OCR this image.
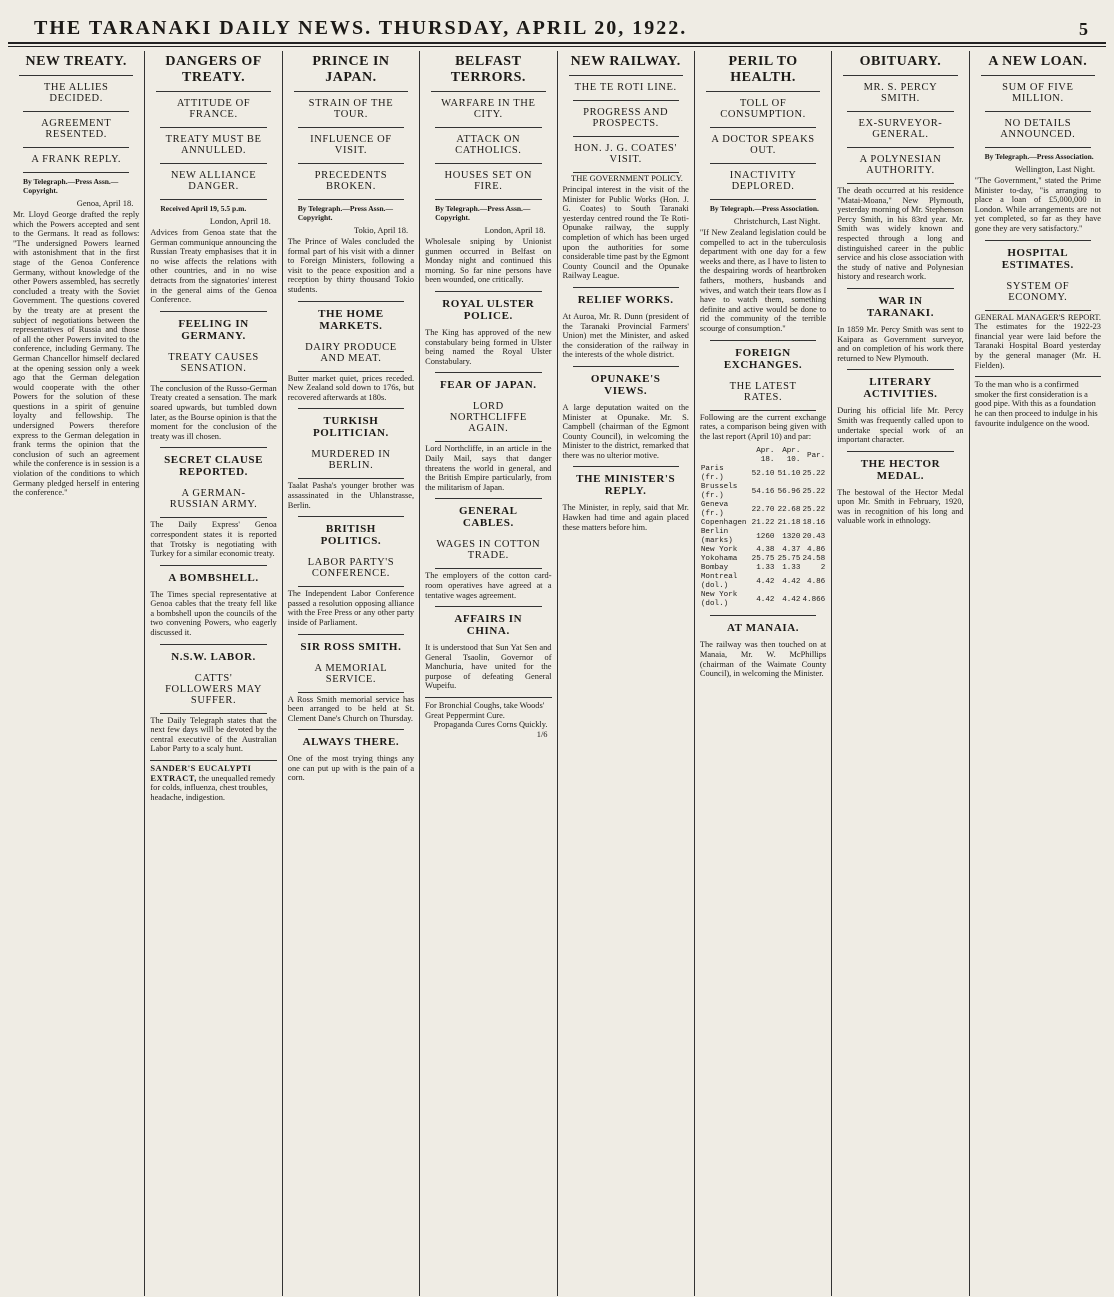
THE TARANAKI DAILY NEWS. THURSDAY, APRIL 20, 1922.	5
NEW TREATY.
THE ALLIES DECIDED.
AGREEMENT RESENTED.
A FRANK REPLY.
By Telegraph.—Press Assn.—Copyright.
Genoa, April 18.
Mr. Lloyd George drafted the reply which the Powers accepted and sent to the Germans. It read as follows: "The undersigned Powers learned with astonishment that in the first stage of the Genoa Conference Germany, without knowledge of the other Powers assembled, has secretly concluded a treaty with the Soviet Government. The questions covered by the treaty are at present the subject of negotiations between the representatives of Russia and those of all the other Powers invited to the conference, including Germany. The German Chancellor himself declared at the opening session only a week ago that the German delegation would cooperate with the other Powers for the solution of these questions in a spirit of genuine loyalty and fellowship. The undersigned Powers therefore express to the German delegation in frank terms the opinion that the conclusion of such an agreement while the conference is in session is a violation of the conditions to which Germany pledged herself in entering the conference."
DANGERS OF TREATY.
ATTITUDE OF FRANCE.
TREATY MUST BE ANNULLED.
NEW ALLIANCE DANGER.
Received April 19, 5.5 p.m.
London, April 18.
Advices from Genoa state that the German communique announcing the Russian Treaty emphasises that it in no wise affects the relations with other countries, and in no wise detracts from the signatories' interest in the general aims of the Genoa Conference.
FEELING IN GERMANY.
TREATY CAUSES SENSATION.
The conclusion of the Russo-German Treaty created a sensation. The mark soared upwards, but tumbled down later, as the Bourse opinion is that the moment for the conclusion of the treaty was ill chosen.
SECRET CLAUSE REPORTED.
A GERMAN-RUSSIAN ARMY.
The Daily Express' Genoa correspondent states it is reported that Trotsky is negotiating with Turkey for a similar economic treaty.
A BOMBSHELL.
The Times special representative at Genoa cables that the treaty fell like a bombshell upon the councils of the two convening Powers, who eagerly discussed it.
N.S.W. LABOR.
CATTS' FOLLOWERS MAY SUFFER.
The Daily Telegraph states that the next few days will be devoted by the central executive of the Australian Labor Party to a scaly hunt.
SANDER'S EUCALYPTI EXTRACT, the unequalled remedy for colds, influenza, chest troubles, headache, indigestion.
PRINCE IN JAPAN.
STRAIN OF THE TOUR.
INFLUENCE OF VISIT.
PRECEDENTS BROKEN.
By Telegraph.—Press Assn.—Copyright.
Tokio, April 18.
The Prince of Wales concluded the formal part of his visit with a dinner to Foreign Ministers, following a visit to the peace exposition and a reception by thirty thousand Tokio students.
THE HOME MARKETS.
DAIRY PRODUCE AND MEAT.
Butter market quiet, prices receded. New Zealand sold down to 176s, but recovered afterwards at 180s.
TURKISH POLITICIAN.
MURDERED IN BERLIN.
Taalat Pasha's younger brother was assassinated in the Uhlanstrasse, Berlin.
BRITISH POLITICS.
LABOR PARTY'S CONFERENCE.
The Independent Labor Conference passed a resolution opposing alliance with the Free Press or any other party inside of Parliament.
SIR ROSS SMITH.
A MEMORIAL SERVICE.
A Ross Smith memorial service has been arranged to be held at St. Clement Dane's Church on Thursday.
ALWAYS THERE.
One of the most trying things any one can put up with is the pain of a corn.
BELFAST TERRORS.
WARFARE IN THE CITY.
ATTACK ON CATHOLICS.
HOUSES SET ON FIRE.
By Telegraph.—Press Assn.—Copyright.
London, April 18.
Wholesale sniping by Unionist gunmen occurred in Belfast on Monday night and continued this morning. So far nine persons have been wounded, one critically.
ROYAL ULSTER POLICE.
The King has approved of the new constabulary being formed in Ulster being named the Royal Ulster Constabulary.
FEAR OF JAPAN.
LORD NORTHCLIFFE AGAIN.
Lord Northcliffe, in an article in the Daily Mail, says that danger threatens the world in general, and the British Empire particularly, from the militarism of Japan.
GENERAL CABLES.
WAGES IN COTTON TRADE.
The employers of the cotton card-room operatives have agreed at a tentative wages agreement.
AFFAIRS IN CHINA.
It is understood that Sun Yat Sen and General Tsaolin, Governor of Manchuria, have united for the purpose of defeating General Wupeifu.
For Bronchial Coughs, take Woods' Great Peppermint Cure.
Propaganda Cures Corns Quickly. 1/6
NEW RAILWAY.
THE TE ROTI LINE.
PROGRESS AND PROSPECTS.
HON. J. G. COATES' VISIT.
THE GOVERNMENT POLICY.
Principal interest in the visit of the Minister for Public Works (Hon. J. G. Coates) to South Taranaki yesterday centred round the Te Roti-Opunake railway, the supply completion of which has been urged upon the authorities for some considerable time past by the Egmont County Council and the Opunake Railway League.
RELIEF WORKS.
At Auroa, Mr. R. Dunn (president of the Taranaki Provincial Farmers' Union) met the Minister, and asked the consideration of the railway in the interests of the whole district.
OPUNAKE'S VIEWS.
A large deputation waited on the Minister at Opunake. Mr. S. Campbell (chairman of the Egmont County Council), in welcoming the Minister to the district, remarked that there was no ulterior motive.
THE MINISTER'S REPLY.
The Minister, in reply, said that Mr. Hawken had time and again placed these matters before him.
PERIL TO HEALTH.
TOLL OF CONSUMPTION.
A DOCTOR SPEAKS OUT.
INACTIVITY DEPLORED.
By Telegraph.—Press Association.
Christchurch, Last Night.
"If New Zealand legislation could be compelled to act in the tuberculosis department with one day for a few weeks and there, as I have to listen to the despairing words of heartbroken fathers, mothers, husbands and wives, and watch their tears flow as I have to watch them, something definite and active would be done to rid the community of the terrible scourge of consumption."
FOREIGN EXCHANGES.
THE LATEST RATES.
Following are the current exchange rates, a comparison being given with the last report (April 10) and par:
	Apr. 18.	Apr. 10.	Par.
Paris (fr.)	52.10	51.10	25.22
Brussels (fr.)	54.16	56.96	25.22
Geneva (fr.)	22.70	22.68	25.22
Copenhagen	21.22	21.18	18.16
Berlin (marks)	1260	1320	20.43
New York	4.38	4.37	4.86
Yokohama	25.75	25.75	24.58
Bombay	1.33	1.33	2
Montreal (dol.)	4.42	4.42	4.86
New York (dol.)	4.42	4.42	4.866
AT MANAIA.
The railway was then touched on at Manaia, Mr. W. McPhillips (chairman of the Waimate County Council), in welcoming the Minister.
OBITUARY.
MR. S. PERCY SMITH.
EX-SURVEYOR-GENERAL.
A POLYNESIAN AUTHORITY.
The death occurred at his residence "Matai-Moana," New Plymouth, yesterday morning of Mr. Stephenson Percy Smith, in his 83rd year. Mr. Smith was widely known and respected through a long and distinguished career in the public service and his close association with the study of native and Polynesian history and research work.
WAR IN TARANAKI.
In 1859 Mr. Percy Smith was sent to Kaipara as Government surveyor, and on completion of his work there returned to New Plymouth.
LITERARY ACTIVITIES.
During his official life Mr. Percy Smith was frequently called upon to undertake special work of an important character.
THE HECTOR MEDAL.
The bestowal of the Hector Medal upon Mr. Smith in February, 1920, was in recognition of his long and valuable work in ethnology.
A NEW LOAN.
SUM OF FIVE MILLION.
NO DETAILS ANNOUNCED.
By Telegraph.—Press Association.
Wellington, Last Night.
"The Government," stated the Prime Minister to-day, "is arranging to place a loan of £5,000,000 in London. While arrangements are not yet completed, so far as they have gone they are very satisfactory."
HOSPITAL ESTIMATES.
SYSTEM OF ECONOMY.
GENERAL MANAGER'S REPORT. The estimates for the 1922-23 financial year were laid before the Taranaki Hospital Board yesterday by the general manager (Mr. H. Fielden).
To the man who is a confirmed smoker the first consideration is a good pipe. With this as a foundation he can then proceed to indulge in his favourite indulgence on the wood.
